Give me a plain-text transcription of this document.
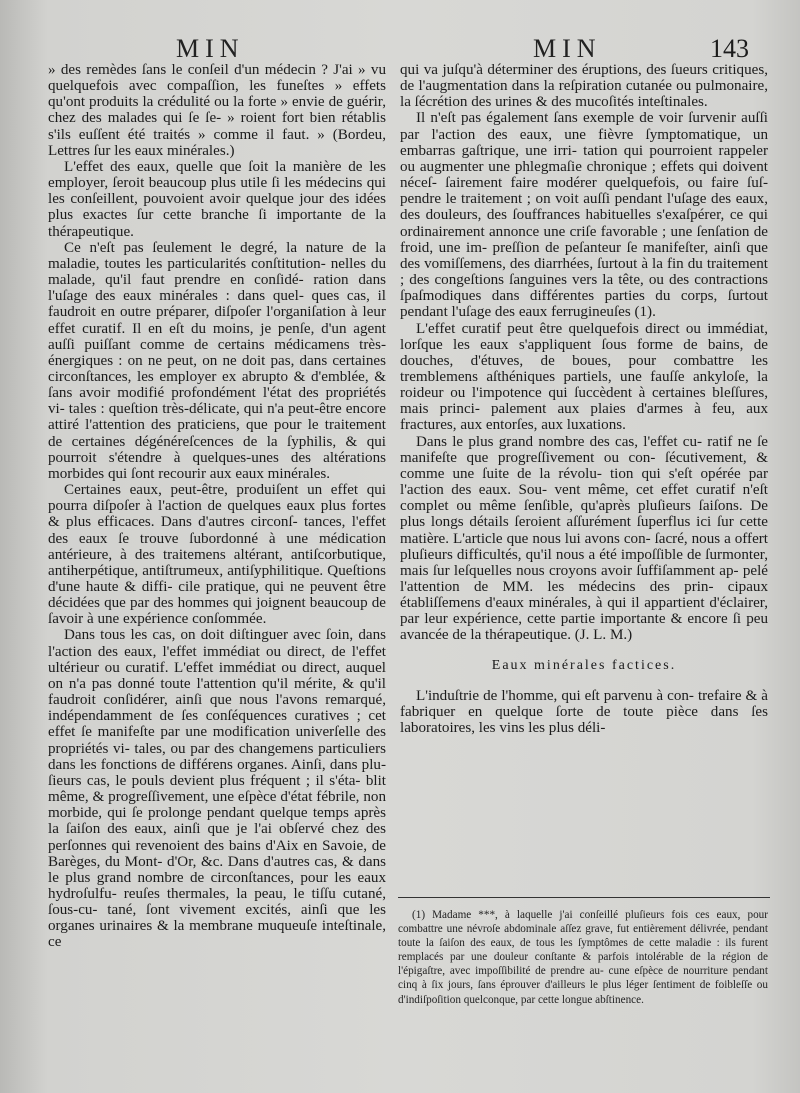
MIN	MIN	143

» des remèdes ſans le conſeil d'un médecin ? J'ai » vu quelquefois avec compaſſion, les funeſtes » effets qu'ont produits la crédulité ou la forte » envie de guérir, chez des malades qui ſe ſe- » roient fort bien rétablis s'ils euſſent été traités » comme il faut. » (Bordeu, Lettres ſur les eaux minérales.)

L'effet des eaux, quelle que ſoit la manière de les employer, ſeroit beaucoup plus utile ſi les médecins qui les conſeillent, pouvoient avoir quelque jour des idées plus exactes ſur cette branche ſi importante de la thérapeutique.

Ce n'eſt pas ſeulement le degré, la nature de la maladie, toutes les particularités conſtitution- nelles du malade, qu'il faut prendre en conſidé- ration dans l'uſage des eaux minérales : dans quel- ques cas, il faudroit en outre préparer, diſpoſer l'organiſation à leur effet curatif. Il en eſt du moins, je penſe, d'un agent auſſi puiſſant comme de certains médicamens très-énergiques : on ne peut, on ne doit pas, dans certaines circonſtances, les employer ex abrupto & d'emblée, & ſans avoir modifié profondément l'état des propriétés vi- tales : queſtion très-délicate, qui n'a peut-être encore attiré l'attention des praticiens, que pour le traitement de certaines dégénéreſcences de la ſyphilis, & qui pourroit s'étendre à quelques-unes des altérations morbides qui ſont recourir aux eaux minérales.

Certaines eaux, peut-être, produiſent un effet qui pourra diſpoſer à l'action de quelques eaux plus fortes & plus efficaces. Dans d'autres circonſ- tances, l'effet des eaux ſe trouve ſubordonné à une médication antérieure, à des traitemens altérant, antiſcorbutique, antiherpétique, antiſtrumeux, antiſyphilitique. Queſtions d'une haute & diffi- cile pratique, qui ne peuvent être décidées que par des hommes qui joignent beaucoup de ſavoir à une expérience conſommée.

Dans tous les cas, on doit diſtinguer avec ſoin, dans l'action des eaux, l'effet immédiat ou direct, de l'effet ultérieur ou curatif. L'effet immédiat ou direct, auquel on n'a pas donné toute l'attention qu'il mérite, & qu'il faudroit conſidérer, ainſi que nous l'avons remarqué, indépendamment de ſes conſéquences curatives ; cet effet ſe manifeſte par une modification univerſelle des propriétés vi- tales, ou par des changemens particuliers dans les fonctions de différens organes. Ainſi, dans plu- ſieurs cas, le pouls devient plus fréquent ; il s'éta- blit même, & progreſſivement, une eſpèce d'état fébrile, non morbide, qui ſe prolonge pendant quelque temps après la ſaiſon des eaux, ainſi que je l'ai obſervé chez des perſonnes qui revenoient des bains d'Aix en Savoie, de Barèges, du Mont- d'Or, &c. Dans d'autres cas, & dans le plus grand nombre de circonſtances, pour les eaux hydroſulfu- reuſes thermales, la peau, le tiſſu cutané, ſous-cu- tané, ſont vivement excités, ainſi que les organes urinaires & la membrane muqueuſe inteſtinale, ce

qui va juſqu'à déterminer des éruptions, des ſueurs critiques, de l'augmentation dans la reſpiration cutanée ou pulmonaire, la ſécrétion des urines & des mucoſités inteſtinales.

Il n'eſt pas également ſans exemple de voir ſurvenir auſſi par l'action des eaux, une fièvre ſymptomatique, un embarras gaſtrique, une irri- tation qui pourroient rappeler ou augmenter une phlegmaſie chronique ; effets qui doivent néceſ- ſairement faire modérer quelquefois, ou faire ſuſ- pendre le traitement ; on voit auſſi pendant l'uſage des eaux, des douleurs, des ſouffrances habituelles s'exaſpérer, ce qui ordinairement annonce une criſe favorable ; une ſenſation de froid, une im- preſſion de peſanteur ſe manifeſter, ainſi que des vomiſſemens, des diarrhées, ſurtout à la fin du traitement ; des congeſtions ſanguines vers la tête, ou des contractions ſpaſmodiques dans différentes parties du corps, ſurtout pendant l'uſage des eaux ferrugineuſes (1).

L'effet curatif peut être quelquefois direct ou immédiat, lorſque les eaux s'appliquent ſous forme de bains, de douches, d'étuves, de boues, pour combattre les tremblemens aſthéniques partiels, une fauſſe ankyloſe, la roideur ou l'impotence qui ſuccèdent à certaines bleſſures, mais princi- palement aux plaies d'armes à feu, aux fractures, aux entorſes, aux luxations.

Dans le plus grand nombre des cas, l'effet cu- ratif ne ſe manifeſte que progreſſivement ou con- ſécutivement, & comme une ſuite de la révolu- tion qui s'eſt opérée par l'action des eaux. Sou- vent même, cet effet curatif n'eſt complet ou même ſenſible, qu'après pluſieurs ſaiſons. De plus longs détails ſeroient aſſurément ſuperflus ici ſur cette matière. L'article que nous lui avons con- ſacré, nous a offert pluſieurs difficultés, qu'il nous a été impoſſible de ſurmonter, mais ſur leſquelles nous croyons avoir ſuffiſamment ap- pelé l'attention de MM. les médecins des prin- cipaux établiſſemens d'eaux minérales, à qui il appartient d'éclairer, par leur expérience, cette partie importante & encore ſi peu avancée de la thérapeutique. (J. L. M.)

Eaux minérales factices.

L'induſtrie de l'homme, qui eſt parvenu à con- trefaire & à fabriquer en quelque ſorte de toute pièce dans ſes laboratoires, les vins les plus déli-

(1) Madame ***, à laquelle j'ai conſeillé pluſieurs fois ces eaux, pour combattre une névroſe abdominale aſſez grave, fut entièrement délivrée, pendant toute la ſaiſon des eaux, de tous les ſymptômes de cette maladie : ils furent remplacés par une douleur conſtante & parfois intolérable de la région de l'épigaſtre, avec impoſſibilité de prendre au- cune eſpèce de nourriture pendant cinq à ſix jours, ſans éprouver d'ailleurs le plus léger ſentiment de foibleſſe ou d'indiſpoſition quelconque, par cette longue abſtinence.
